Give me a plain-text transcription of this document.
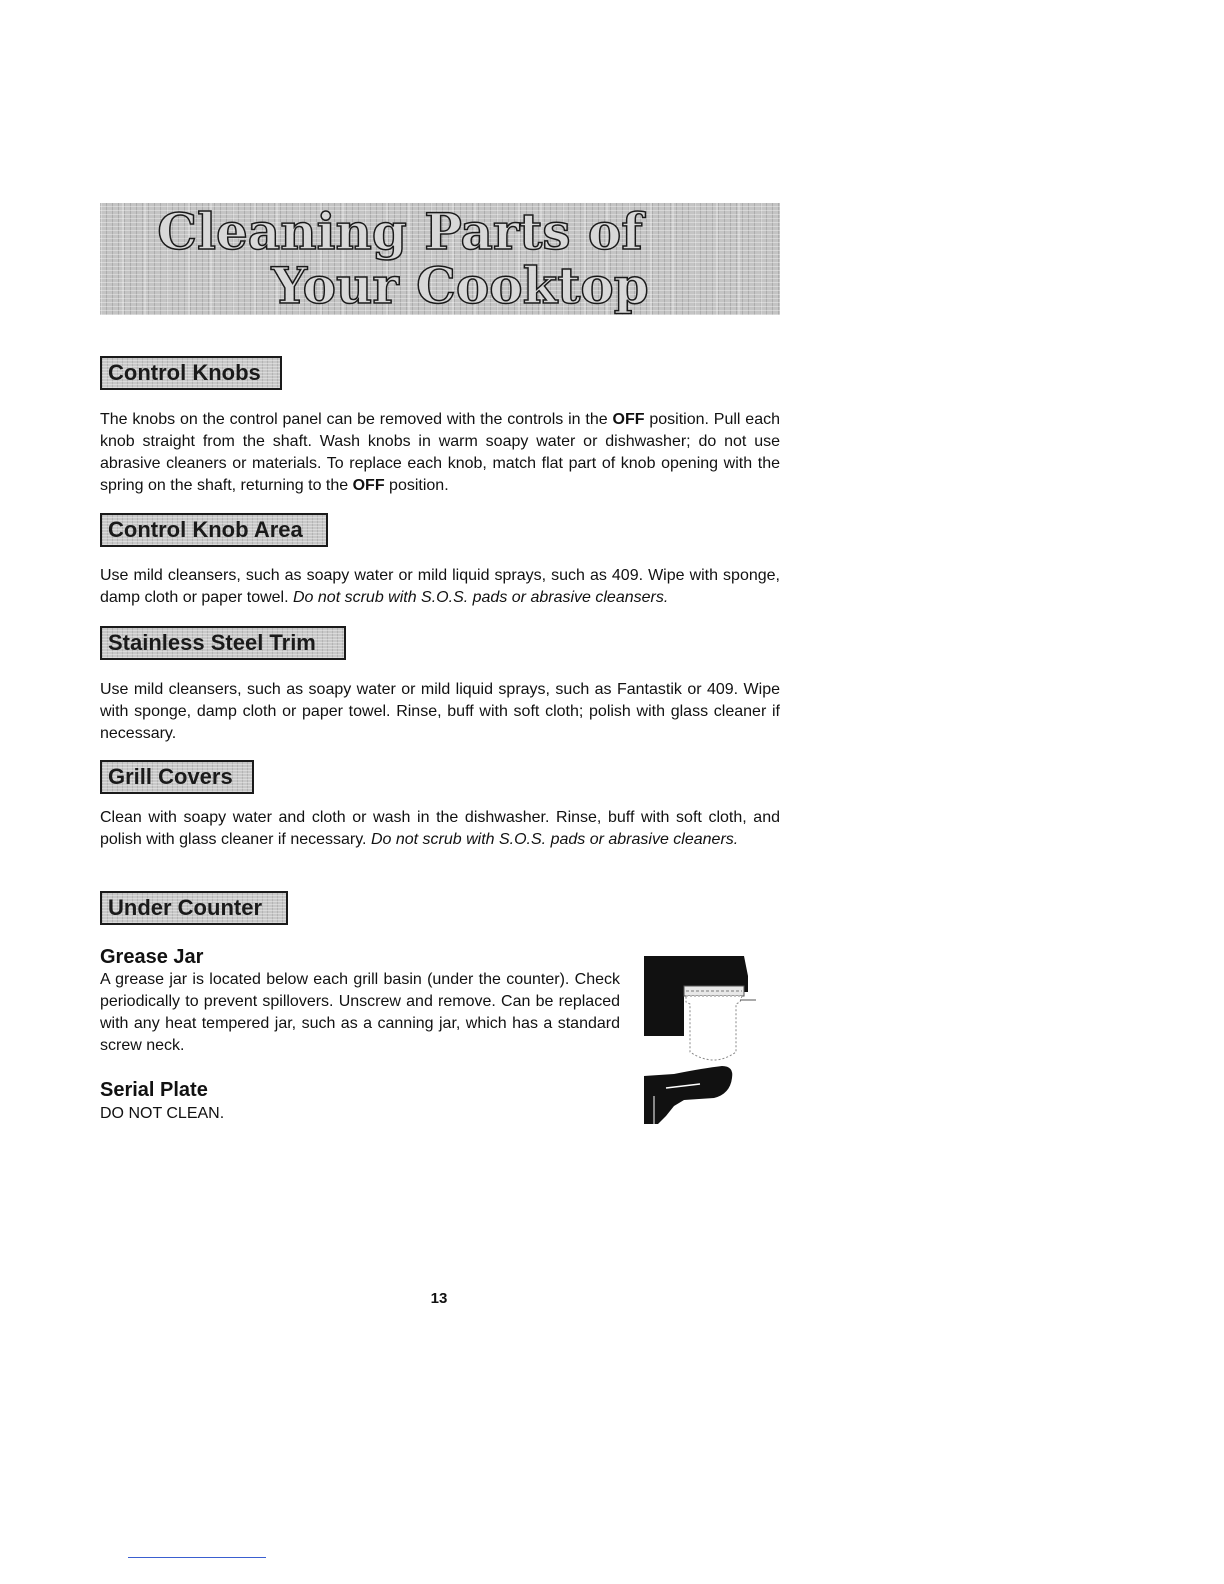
Cleaning Parts of
Your Cooktop
Control Knobs

The knobs on the control panel can be removed with the controls in the OFF position. Pull each knob straight from the shaft. Wash knobs in warm soapy water or dishwasher; do not use abrasive cleaners or materials. To replace each knob, match flat part of knob opening with the spring on the shaft, returning to the OFF position.

Control Knob Area

Use mild cleansers, such as soapy water or mild liquid sprays, such as 409. Wipe with sponge, damp cloth or paper towel. Do not scrub with S.O.S. pads or abrasive cleansers.

Stainless Steel Trim

Use mild cleansers, such as soapy water or mild liquid sprays, such as Fantastik or 409. Wipe with sponge, damp cloth or paper towel. Rinse, buff with soft cloth; polish with glass cleaner if necessary.

Grill Covers

Clean with soapy water and cloth or wash in the dishwasher. Rinse, buff with soft cloth, and polish with glass cleaner if necessary. Do not scrub with S.O.S. pads or abrasive cleaners.

Under Counter
Grease Jar

A grease jar is located below each grill basin (under the counter). Check periodically to prevent spillovers. Unscrew and remove. Can be replaced with any heat tempered jar, such as a canning jar, which has a standard screw neck.

Serial Plate

DO NOT CLEAN.

13
